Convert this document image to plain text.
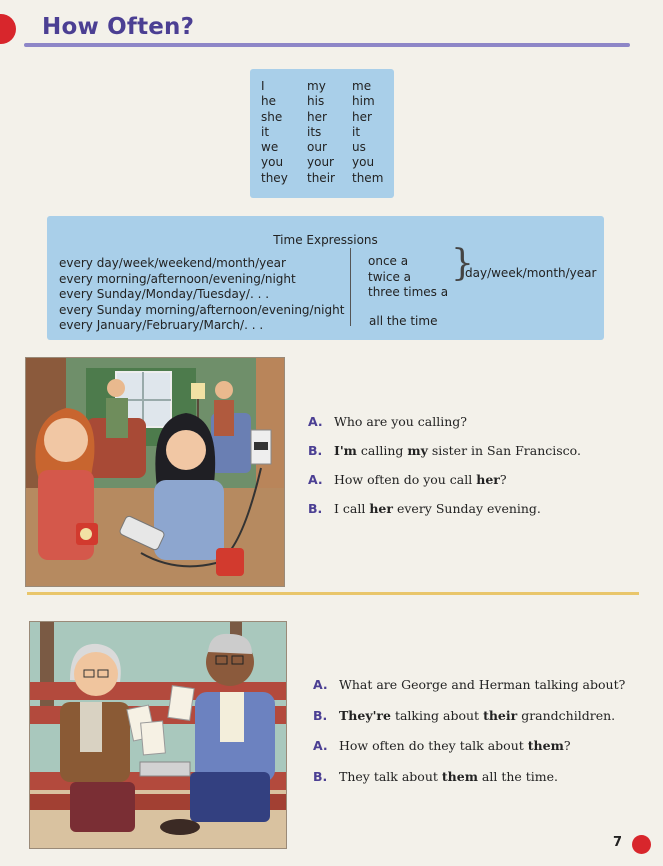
How Often?
I
he
she
it
we
you
they
my
his
her
its
our
your
their
me
him
her
it
us
you
them
Time Expressions
every day/week/weekend/month/year
every morning/afternoon/evening/night
every Sunday/Monday/Tuesday/. . .
every Sunday morning/afternoon/evening/night
every January/February/March/. . .
once a
twice a
three times a
}
day/week/month/year
all the time
A. Who are you calling?
B. I'm calling my sister in San Francisco.
A. How often do you call her?
B. I call her every Sunday evening.
A. What are George and Herman talking about?
B. They're talking about their grandchildren.
A. How often do they talk about them?
B. They talk about them all the time.
7
